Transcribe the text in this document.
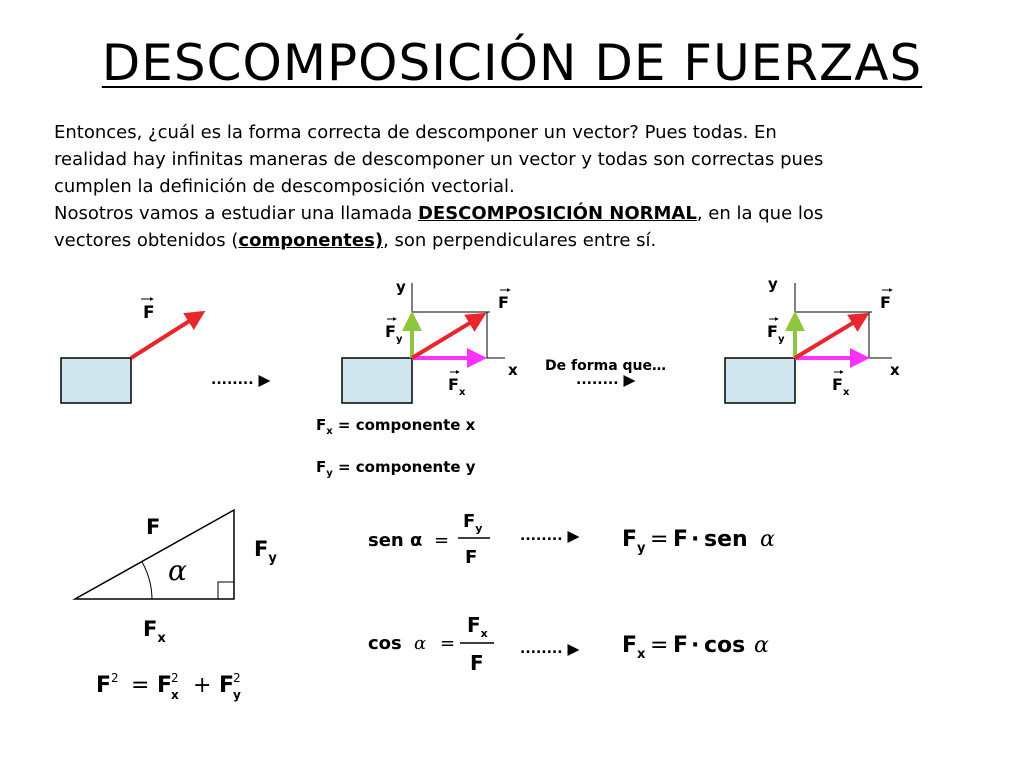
DESCOMPOSICIÓN DE FUERZAS
Entonces, ¿cuál es la forma correcta de descomponer un vector? Pues todas. En
realidad hay infinitas maneras de descomponer un vector y todas son correctas pues
cumplen la definición de descomposición vectorial.
Nosotros vamos a estudiar una llamada DESCOMPOSICIÓN NORMAL, en la que los
vectores obtenidos (componentes), son perpendiculares entre sí.
F
........
y
x
F
$F_y$
$F_x$
De forma que…
........
y
x
F
$F_y$
$F_x$
$F_x$ = componente x
$F_y$ = componente y
α
F
$F_y$
$F_x$
$F^2 = F$
2
x + F
2
y
sen α =
$F_y$
F
........	$F_y = F$ · sen α
cos α =
$F_x$
F
........	$F_x = F \cdot \cos \alpha$
